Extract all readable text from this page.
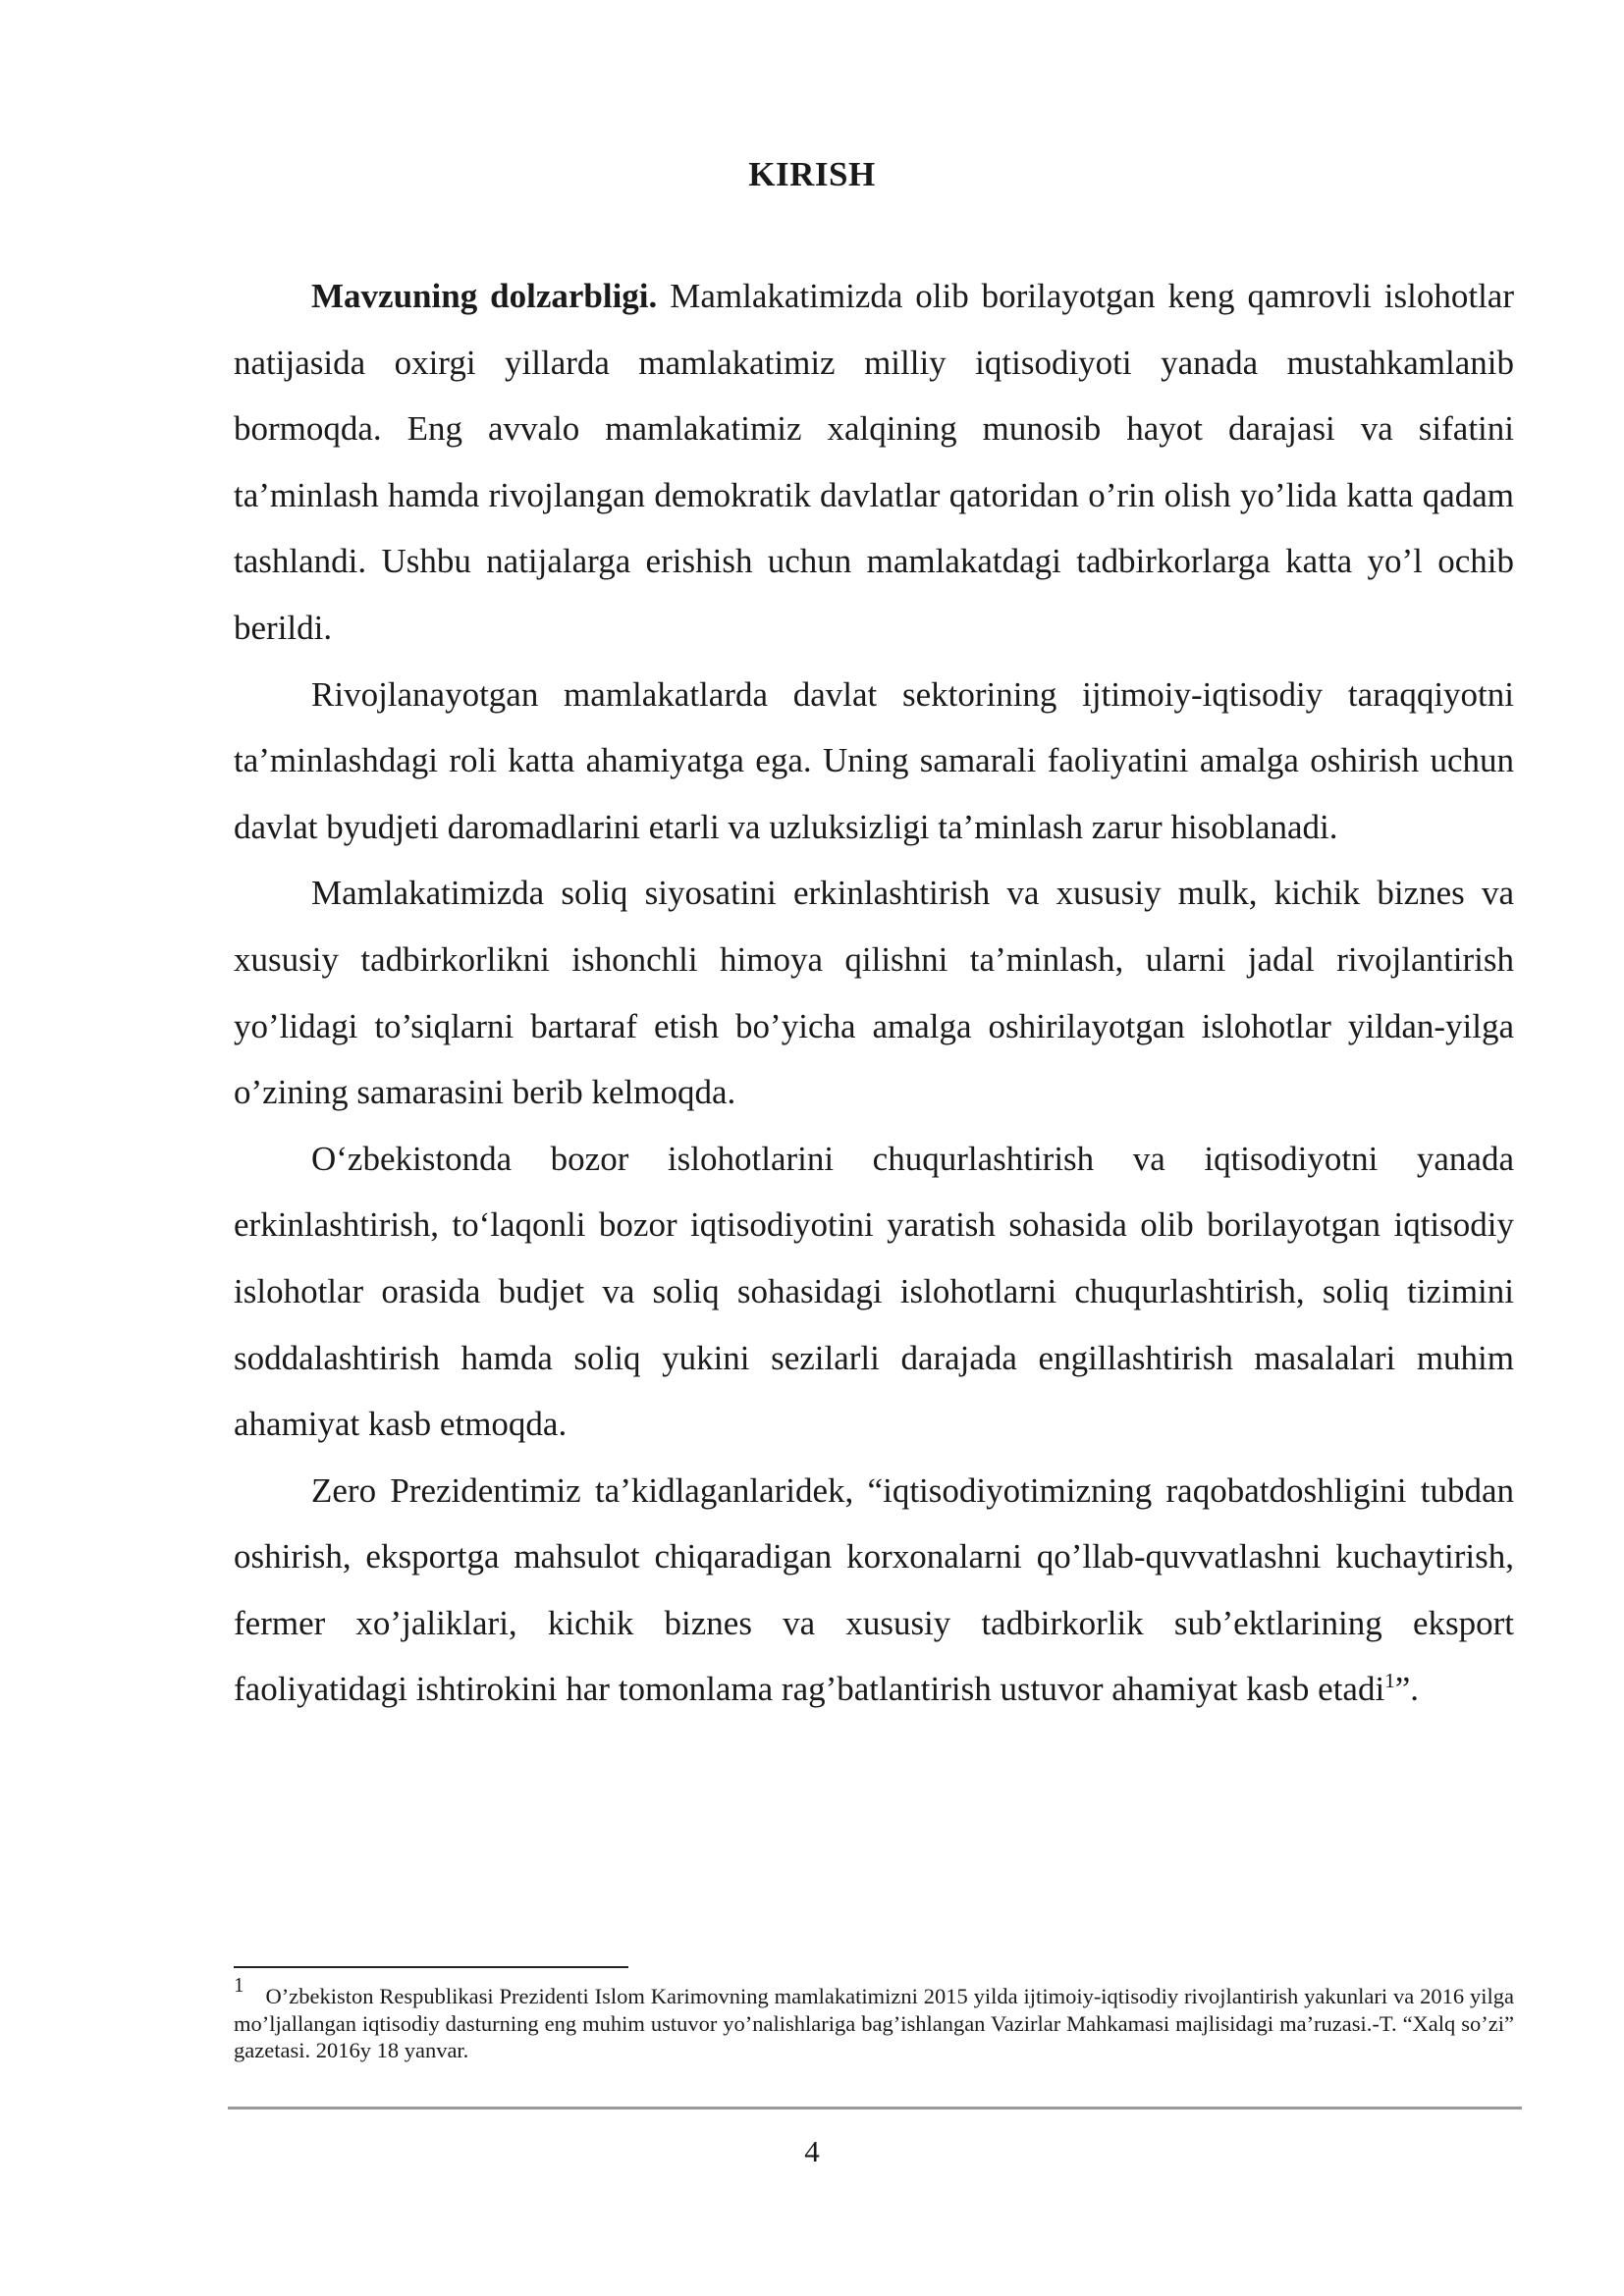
KIRISH

Mavzuning dolzarbligi. Mamlakatimizda olib borilayotgan keng qamrovli islohotlar natijasida oxirgi yillarda mamlakatimiz milliy iqtisodiyoti yanada mustahkamlanib bormoqda. Eng avvalo mamlakatimiz xalqining munosib hayot darajasi va sifatini ta’minlash hamda rivojlangan demokratik davlatlar qatoridan o’rin olish yo’lida katta qadam tashlandi. Ushbu natijalarga erishish uchun mamlakatdagi tadbirkorlarga katta yo’l ochib berildi.

Rivojlanayotgan mamlakatlarda davlat sektorining ijtimoiy-iqtisodiy taraqqiyotni ta’minlashdagi roli katta ahamiyatga ega. Uning samarali faoliyatini amalga oshirish uchun davlat byudjeti daromadlarini etarli va uzluksizligi ta’minlash zarur hisoblanadi.

Mamlakatimizda soliq siyosatini erkinlashtirish va xususiy mulk, kichik biznes va xususiy tadbirkorlikni ishonchli himoya qilishni ta’minlash, ularni jadal rivojlantirish yo’lidagi to’siqlarni bartaraf etish bo’yicha amalga oshirilayotgan islohotlar yildan-yilga o’zining samarasini berib kelmoqda.

O‘zbekistonda bozor islohotlarini chuqurlashtirish va iqtisodiyotni yanada erkinlashtirish, to‘laqonli bozor iqtisodiyotini yaratish sohasida olib borilayotgan iqtisodiy islohotlar orasida budjet va soliq sohasidagi islohotlarni chuqurlashtirish, soliq tizimini soddalashtirish hamda soliq yukini sezilarli darajada engillashtirish masalalari muhim ahamiyat kasb etmoqda.

Zero Prezidentimiz ta’kidlaganlaridek, “iqtisodiyotimizning raqobatdoshligini tubdan oshirish, eksportga mahsulot chiqaradigan korxonalarni qo’llab-quvvatlashni kuchaytirish, fermer xo’jaliklari, kichik biznes va xususiy tadbirkorlik sub’ektlarining eksport faoliyatidagi ishtirokini har tomonlama rag’batlantirish ustuvor ahamiyat kasb etadi$^1$”.

1 O’zbekiston Respublikasi Prezidenti Islom Karimovning mamlakatimizni 2015 yilda ijtimoiy-iqtisodiy rivojlantirish yakunlari va 2016 yilga mo’ljallangan iqtisodiy dasturning eng muhim ustuvor yo’nalishlariga bag’ishlangan Vazirlar Mahkamasi majlisidagi ma’ruzasi.-T. “Xalq so’zi” gazetasi. 2016y 18 yanvar.

4
